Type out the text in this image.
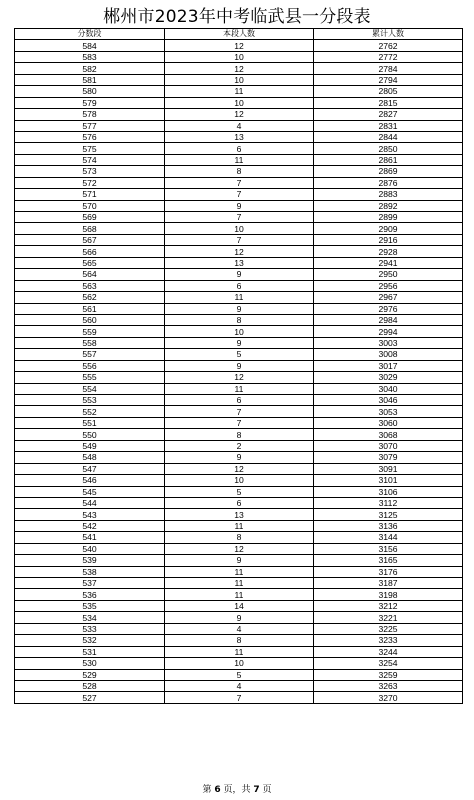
郴州市2023年中考临武县一分段表
分数段	本段人数	累计人数
584	12	2762
583	10	2772
582	12	2784
581	10	2794
580	11	2805
579	10	2815
578	12	2827
577	4	2831
576	13	2844
575	6	2850
574	11	2861
573	8	2869
572	7	2876
571	7	2883
570	9	2892
569	7	2899
568	10	2909
567	7	2916
566	12	2928
565	13	2941
564	9	2950
563	6	2956
562	11	2967
561	9	2976
560	8	2984
559	10	2994
558	9	3003
557	5	3008
556	9	3017
555	12	3029
554	11	3040
553	6	3046
552	7	3053
551	7	3060
550	8	3068
549	2	3070
548	9	3079
547	12	3091
546	10	3101
545	5	3106
544	6	3112
543	13	3125
542	11	3136
541	8	3144
540	12	3156
539	9	3165
538	11	3176
537	11	3187
536	11	3198
535	14	3212
534	9	3221
533	4	3225
532	8	3233
531	11	3244
530	10	3254
529	5	3259
528	4	3263
527	7	3270
第 6 页，共 7 页
